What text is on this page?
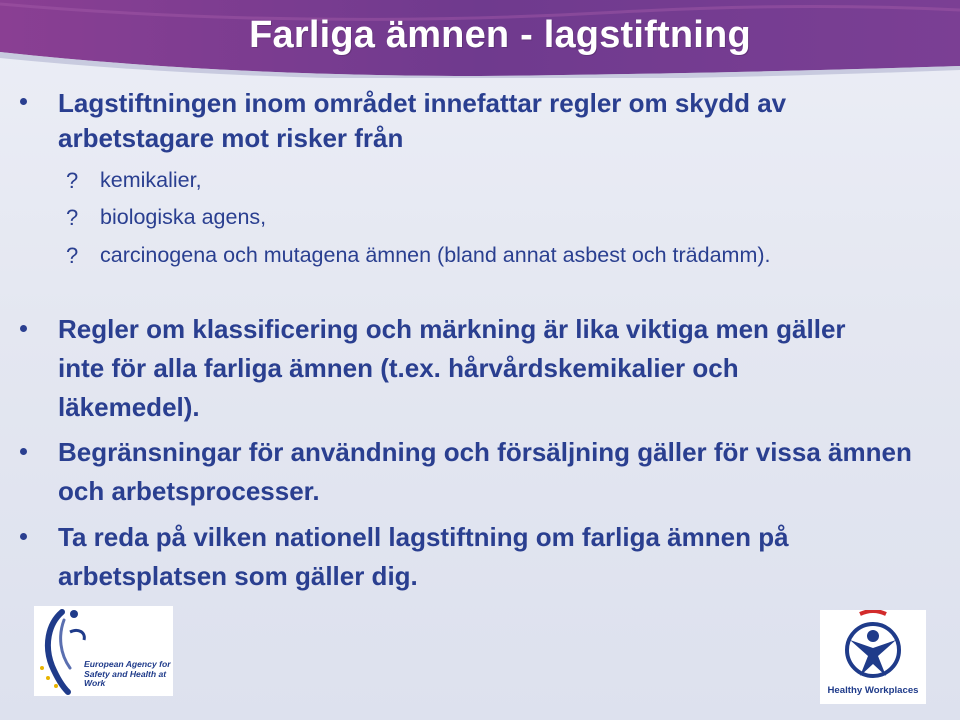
Farliga ämnen - lagstiftning
Lagstiftningen inom området innefattar regler om skydd av arbetstagare mot risker från
? kemikalier,
? biologiska agens,
? carcinogena och mutagena ämnen (bland annat asbest och trädamm).
Regler om klassificering och märkning är lika viktiga men gäller inte för alla farliga ämnen (t.ex. hårvårdskemikalier och läkemedel).
Begränsningar för användning och försäljning gäller för vissa ämnen och arbetsprocesser.
Ta reda på vilken nationell lagstiftning om farliga ämnen på arbetsplatsen som gäller dig.
European Agency for Safety and Health at Work
Healthy Workplaces
